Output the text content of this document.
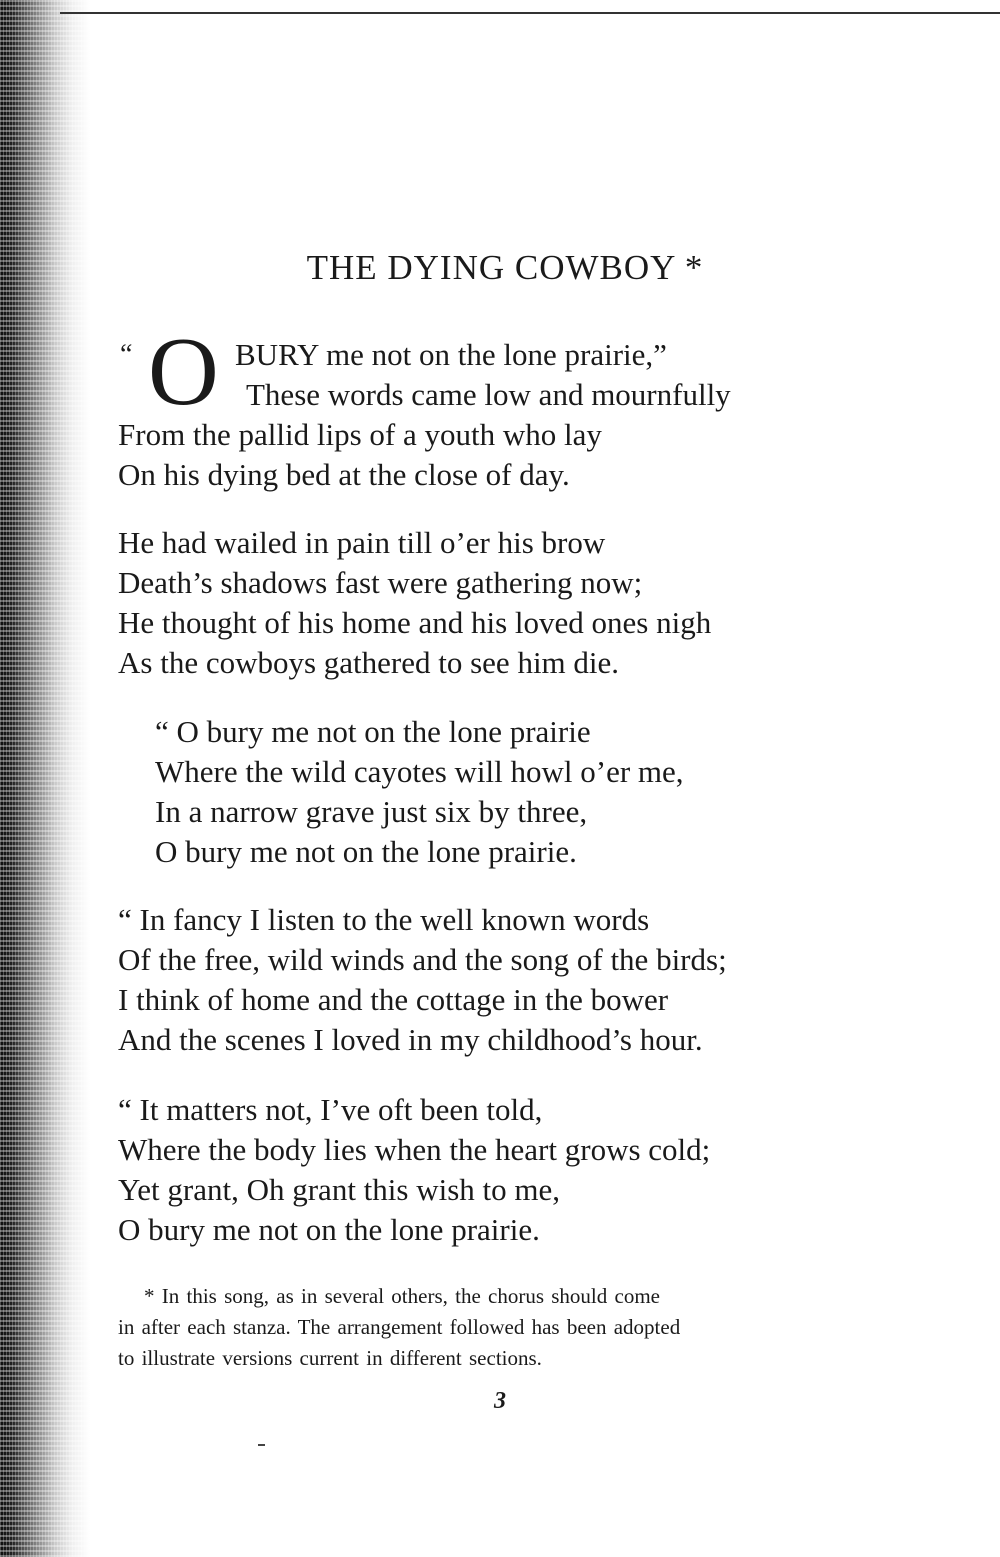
THE DYING COWBOY *
“ O BURY me not on the lone prairie,”
These words came low and mournfully
From the pallid lips of a youth who lay
On his dying bed at the close of day.
He had wailed in pain till o’er his brow
Death’s shadows fast were gathering now;
He thought of his home and his loved ones nigh
As the cowboys gathered to see him die.
“ O bury me not on the lone prairie
Where the wild cayotes will howl o’er me,
In a narrow grave just six by three,
O bury me not on the lone prairie.
“ In fancy I listen to the well known words
Of the free, wild winds and the song of the birds;
I think of home and the cottage in the bower
And the scenes I loved in my childhood’s hour.
“ It matters not, I’ve oft been told,
Where the body lies when the heart grows cold;
Yet grant, Oh grant this wish to me,
O bury me not on the lone prairie.
* In this song, as in several others, the chorus should come
in after each stanza. The arrangement followed has been adopted
to illustrate versions current in different sections.
3
